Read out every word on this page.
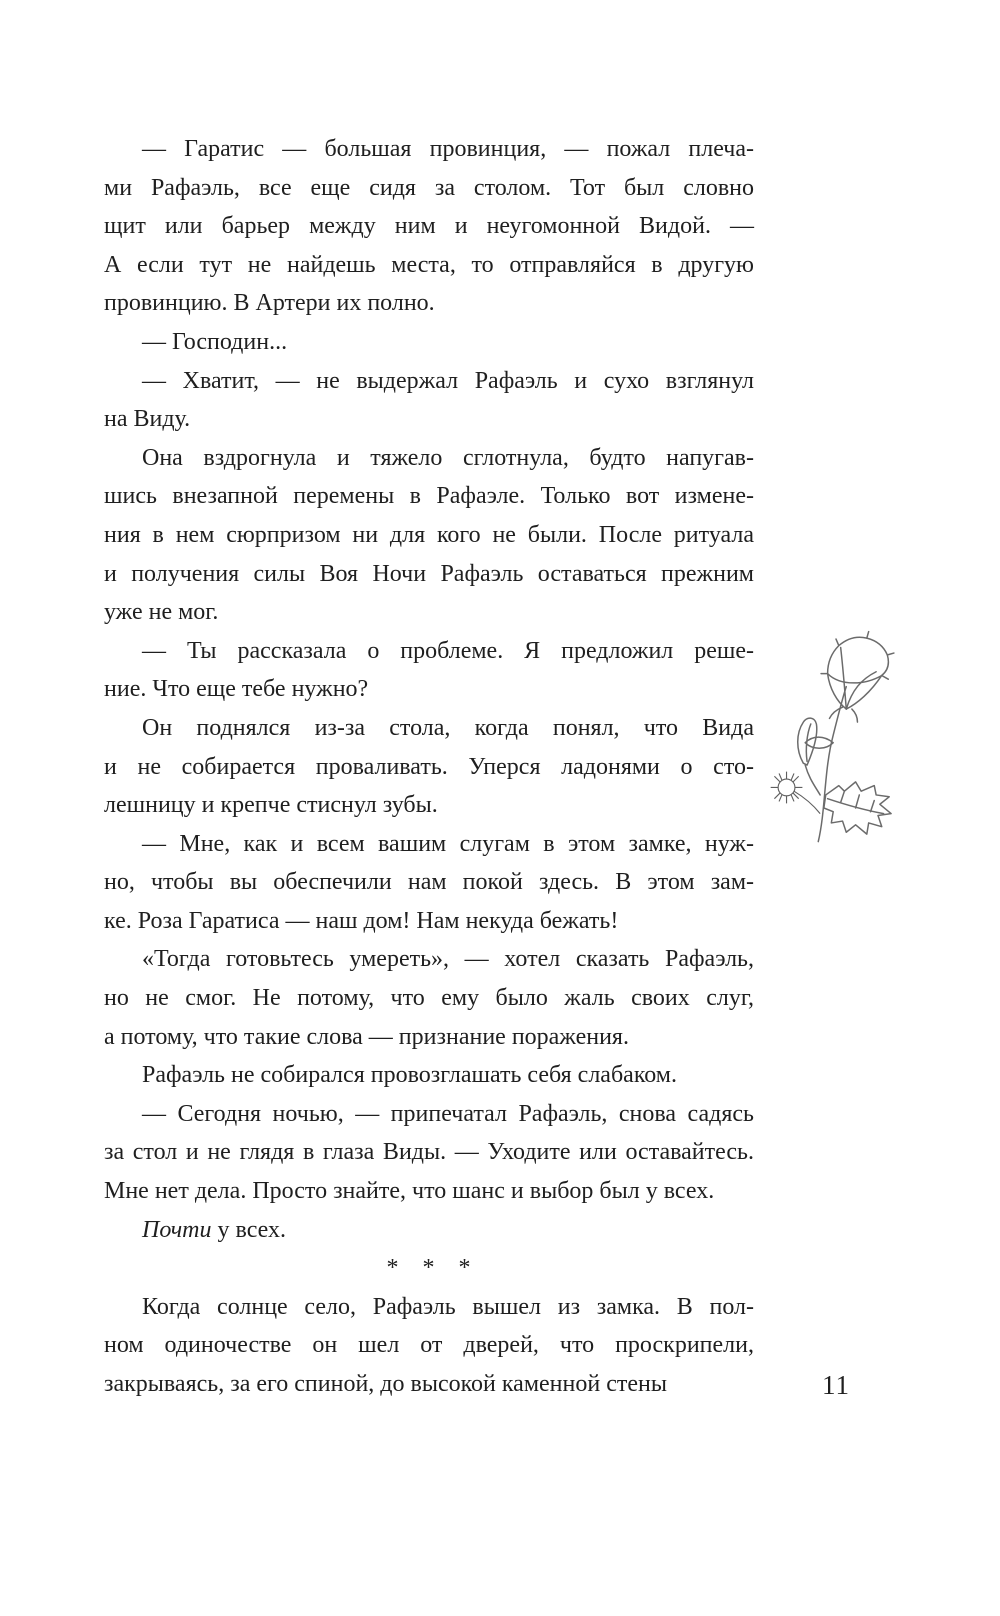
— Гаратис — большая провинция, — пожал плеча-
ми Рафаэль, все еще сидя за столом. Тот был словно
щит или барьер между ним и неугомонной Видой. —
А если тут не найдешь места, то отправляйся в другую
провинцию. В Артери их полно.
— Господин...
— Хватит, — не выдержал Рафаэль и сухо взглянул
на Виду.
Она вздрогнула и тяжело сглотнула, будто напугав-
шись внезапной перемены в Рафаэле. Только вот измене-
ния в нем сюрпризом ни для кого не были. После ритуала
и получения силы Воя Ночи Рафаэль оставаться прежним
уже не мог.
— Ты рассказала о проблеме. Я предложил реше-
ние. Что еще тебе нужно?
Он поднялся из-за стола, когда понял, что Вида
и не собирается проваливать. Уперся ладонями о сто-
лешницу и крепче стиснул зубы.
— Мне, как и всем вашим слугам в этом замке, нуж-
но, чтобы вы обеспечили нам покой здесь. В этом зам-
ке. Роза Гаратиса — наш дом! Нам некуда бежать!
«Тогда готовьтесь умереть», — хотел сказать Рафаэль,
но не смог. Не потому, что ему было жаль своих слуг,
а потому, что такие слова — признание поражения.
Рафаэль не собирался провозглашать себя слабаком.
— Сегодня ночью, — припечатал Рафаэль, снова садясь
за стол и не глядя в глаза Виды. — Уходите или оставайтесь.
Мне нет дела. Просто знайте, что шанс и выбор был у всех.
Почти у всех.
* * *
Когда солнце село, Рафаэль вышел из замка. В пол-
ном одиночестве он шел от дверей, что проскрипели,
закрываясь, за его спиной, до высокой каменной стены	11
